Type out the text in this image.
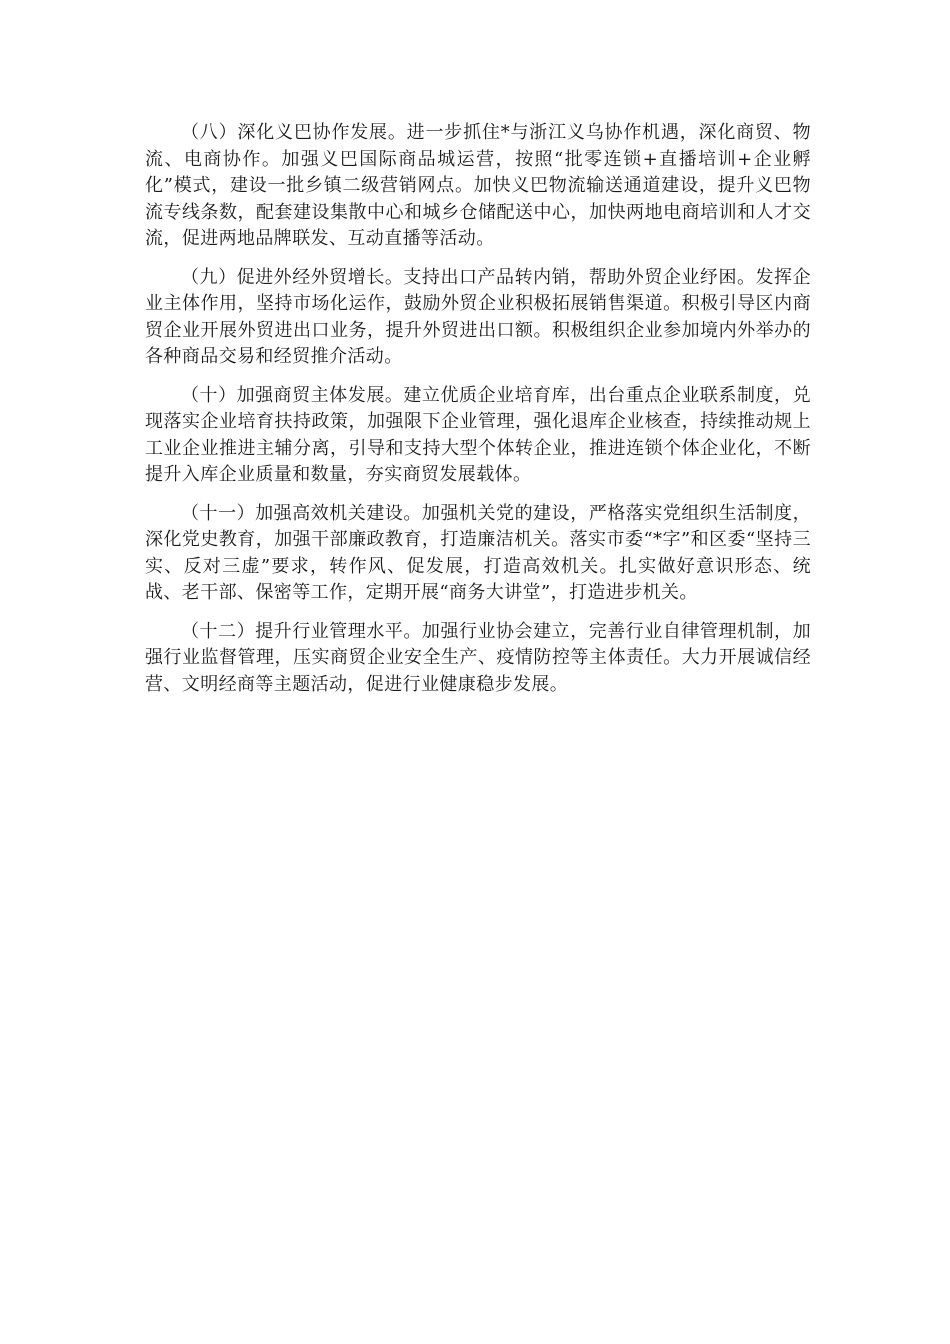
（八）深化义巴协作发展。进一步抓住*与浙江义乌协作机遇，深化商贸、物流、电商协作。加强义巴国际商品城运营，按照“批零连锁+直播培训+企业孵化”模式，建设一批乡镇二级营销网点。加快义巴物流输送通道建设，提升义巴物流专线条数，配套建设集散中心和城乡仓储配送中心，加快两地电商培训和人才交流，促进两地品牌联发、互动直播等活动。

（九）促进外经外贸增长。支持出口产品转内销，帮助外贸企业纾困。发挥企业主体作用，坚持市场化运作，鼓励外贸企业积极拓展销售渠道。积极引导区内商贸企业开展外贸进出口业务，提升外贸进出口额。积极组织企业参加境内外举办的各种商品交易和经贸推介活动。

（十）加强商贸主体发展。建立优质企业培育库，出台重点企业联系制度，兑现落实企业培育扶持政策，加强限下企业管理，强化退库企业核查，持续推动规上工业企业推进主辅分离，引导和支持大型个体转企业，推进连锁个体企业化，不断提升入库企业质量和数量，夯实商贸发展载体。

（十一）加强高效机关建设。加强机关党的建设，严格落实党组织生活制度，深化党史教育，加强干部廉政教育，打造廉洁机关。落实市委“*字”和区委“坚持三实、反对三虚”要求，转作风、促发展，打造高效机关。扎实做好意识形态、统战、老干部、保密等工作，定期开展“商务大讲堂”，打造进步机关。

（十二）提升行业管理水平。加强行业协会建立，完善行业自律管理机制，加强行业监督管理，压实商贸企业安全生产、疫情防控等主体责任。大力开展诚信经营、文明经商等主题活动，促进行业健康稳步发展。
